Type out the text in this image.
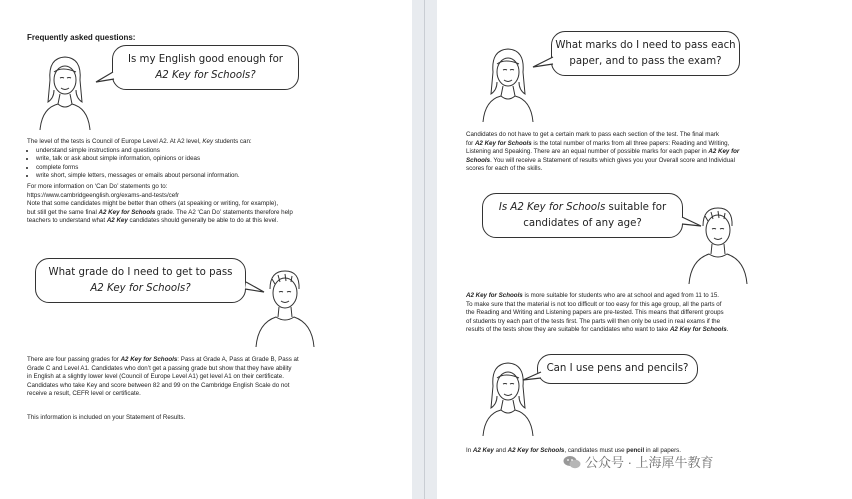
Frequently asked questions:
Is my English good enough for
A2 Key for Schools?
The level of the tests is Council of Europe Level A2. At A2 level, Key students can:
• understand simple instructions and questions
• write, talk or ask about simple information, opinions or ideas
• complete forms
• write short, simple letters, messages or emails about personal information.
For more information on ‘Can Do’ statements go to:
https://www.cambridgeenglish.org/exams-and-tests/cefr
Note that some candidates might be better than others (at speaking or writing, for example),
but still get the same final A2 Key for Schools grade. The A2 ‘Can Do’ statements therefore help
teachers to understand what A2 Key candidates should generally be able to do at this level.
What grade do I need to get to pass
A2 Key for Schools?
There are four passing grades for A2 Key for Schools: Pass at Grade A, Pass at Grade B, Pass at
Grade C and Level A1. Candidates who don’t get a passing grade but show that they have ability
in English at a slightly lower level (Council of Europe Level A1) get level A1 on their certificate.
Candidates who take Key and score between 82 and 99 on the Cambridge English Scale do not
receive a result, CEFR level or certificate.
This information is included on your Statement of Results.
What marks do I need to pass each
paper, and to pass the exam?
Candidates do not have to get a certain mark to pass each section of the test. The final mark
for A2 Key for Schools is the total number of marks from all three papers: Reading and Writing,
Listening and Speaking. There are an equal number of possible marks for each paper in A2 Key for
Schools. You will receive a Statement of results which gives you your Overall score and Individual
scores for each of the skills.
Is A2 Key for Schools suitable for
candidates of any age?
A2 Key for Schools is more suitable for students who are at school and aged from 11 to 15.
To make sure that the material is not too difficult or too easy for this age group, all the parts of
the Reading and Writing and Listening papers are pre-tested. This means that different groups
of students try each part of the tests first. The parts will then only be used in real exams if the
results of the tests show they are suitable for candidates who want to take A2 Key for Schools.
Can I use pens and pencils?
In A2 Key and A2 Key for Schools, candidates must use pencil in all papers.
公众号 · 上海犀牛教育
